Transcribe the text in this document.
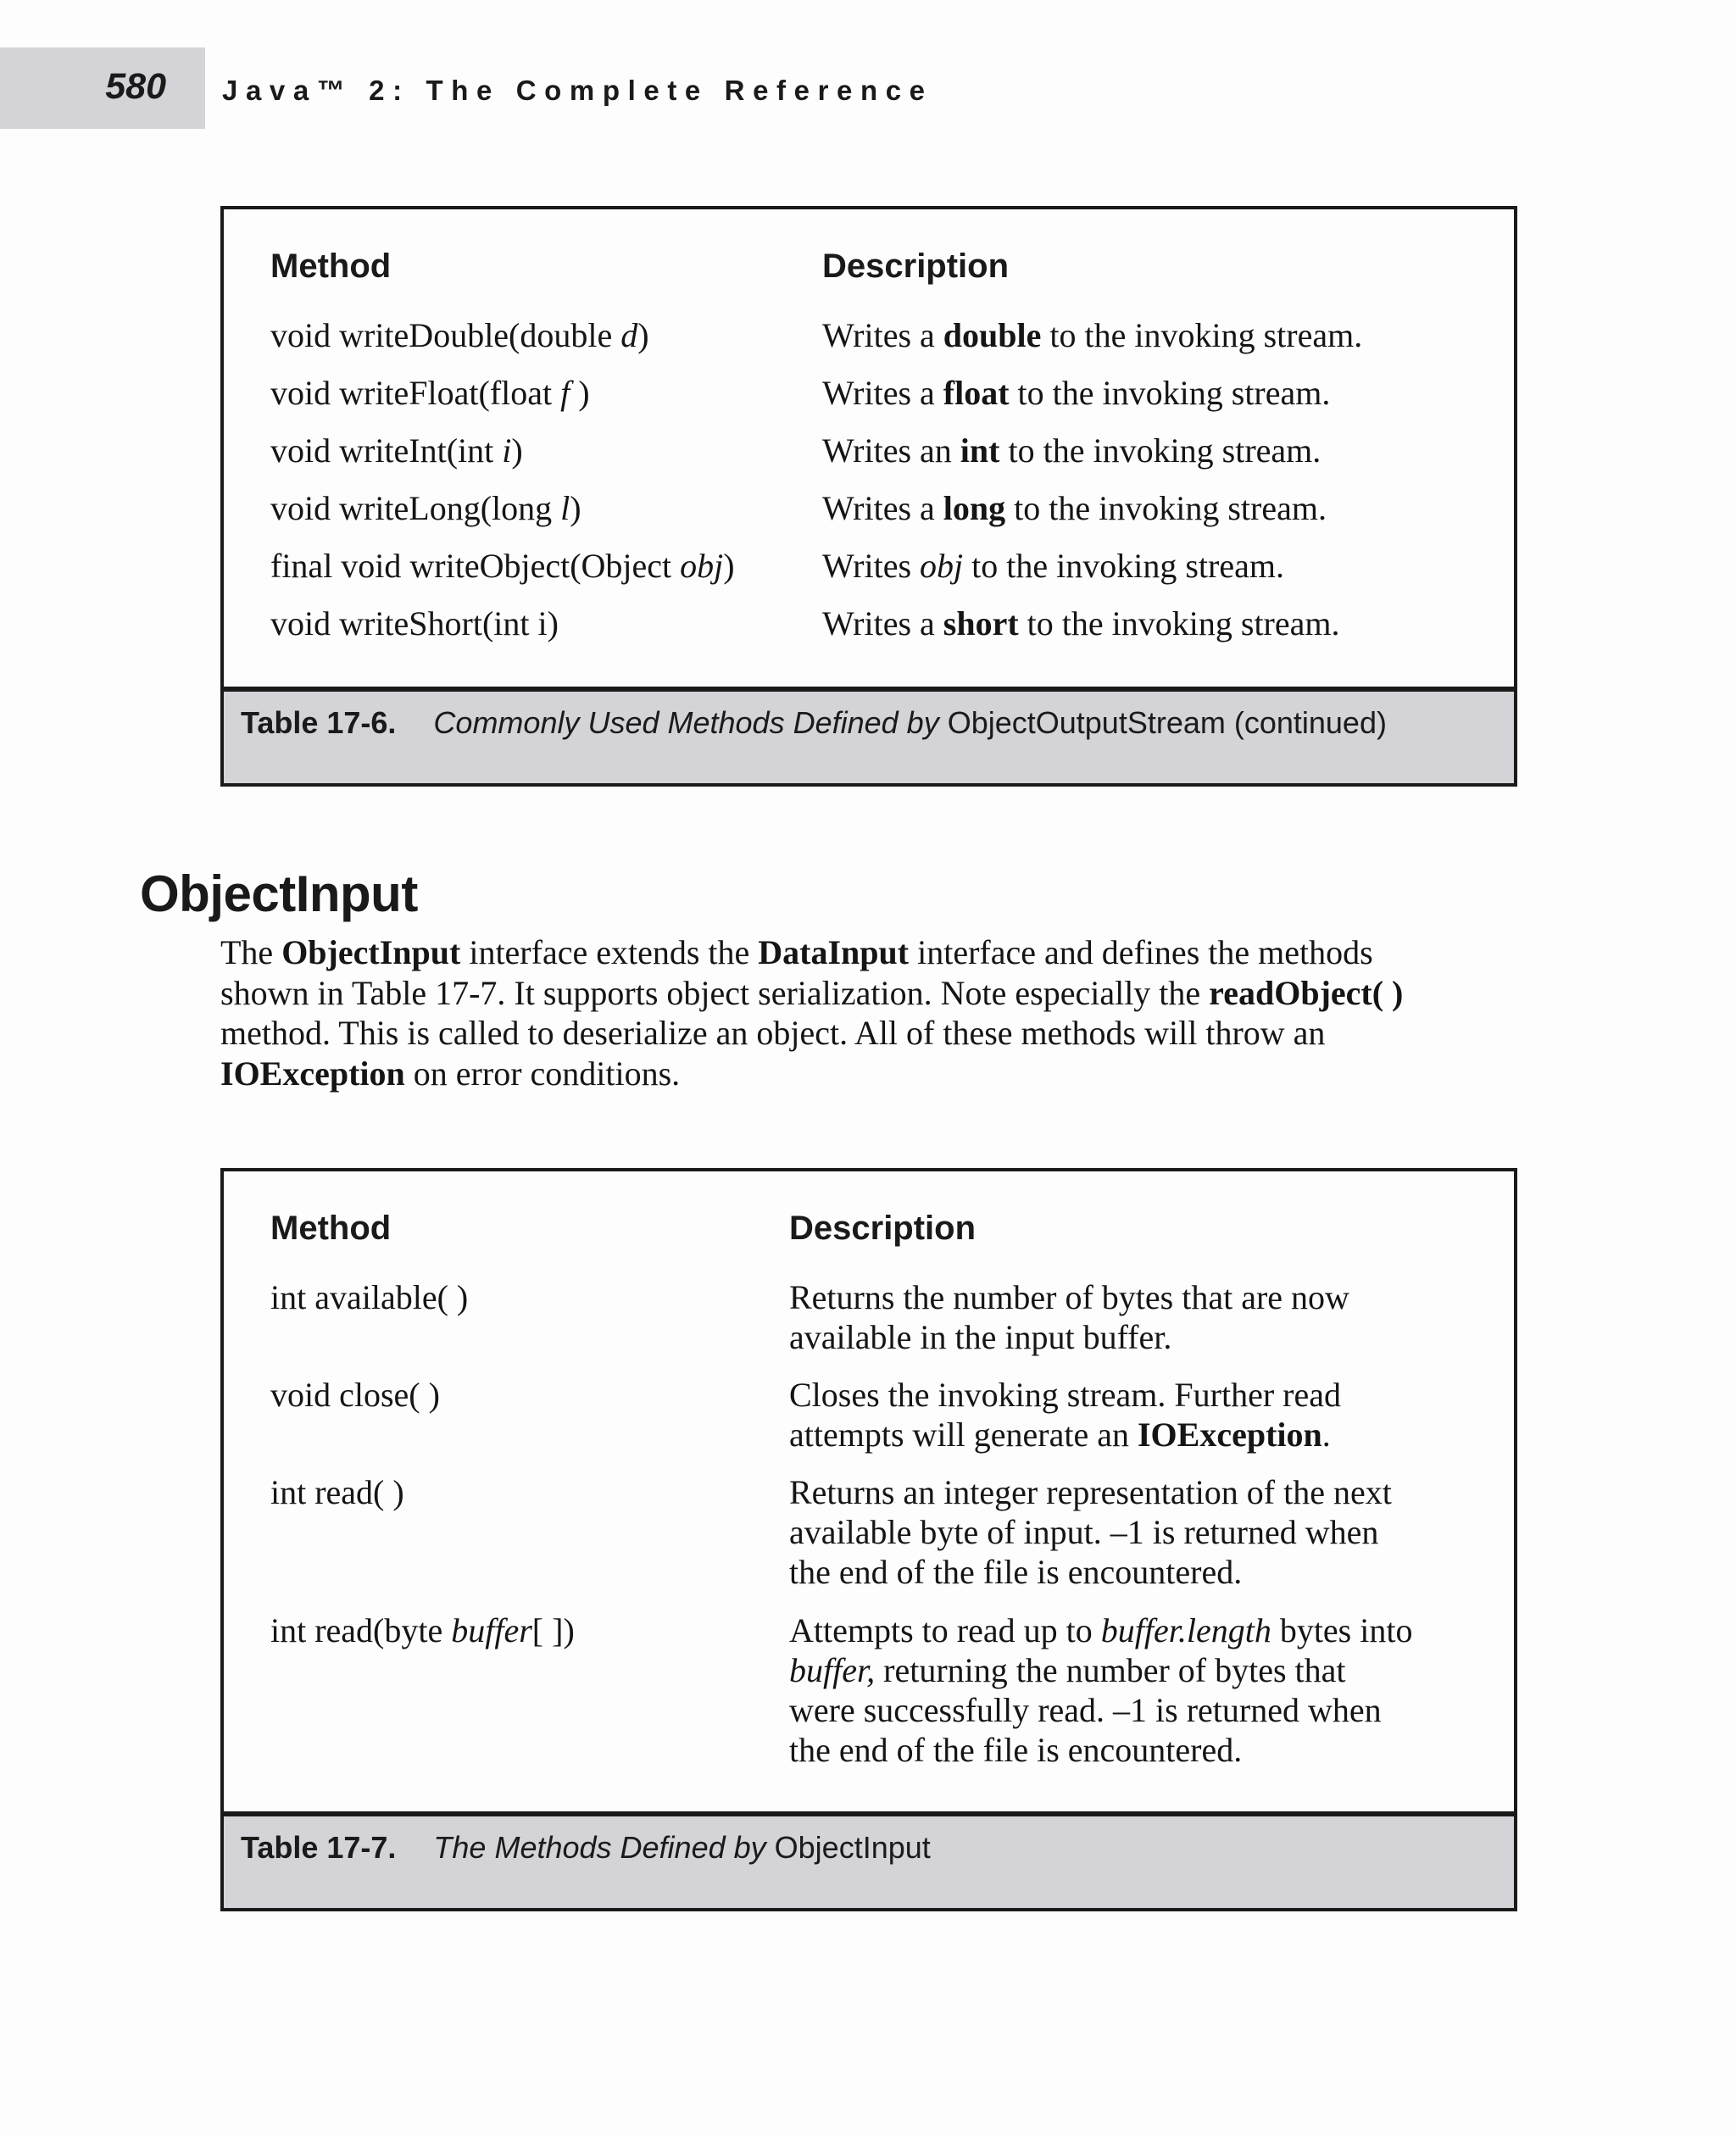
580 Java™ 2: The Complete Reference
Method	Description
void writeDouble(double d)	Writes a double to the invoking stream.
void writeFloat(float f )	Writes a float to the invoking stream.
void writeInt(int i)	Writes an int to the invoking stream.
void writeLong(long l)	Writes a long to the invoking stream.
final void writeObject(Object obj)	Writes obj to the invoking stream.
void writeShort(int i)	Writes a short to the invoking stream.
Table 17-6. Commonly Used Methods Defined by ObjectOutputStream (continued)
ObjectInput
The ObjectInput interface extends the DataInput interface and defines the methods
shown in Table 17-7. It supports object serialization. Note especially the readObject( )
method. This is called to deserialize an object. All of these methods will throw an
IOException on error conditions.
Method	Description
int available( )	Returns the number of bytes that are now
available in the input buffer.
void close( )	Closes the invoking stream. Further read
attempts will generate an IOException.
int read( )	Returns an integer representation of the next
available byte of input. –1 is returned when
the end of the file is encountered.
int read(byte buffer[ ])	Attempts to read up to buffer.length bytes into
buffer, returning the number of bytes that
were successfully read. –1 is returned when
the end of the file is encountered.
Table 17-7. The Methods Defined by ObjectInput
